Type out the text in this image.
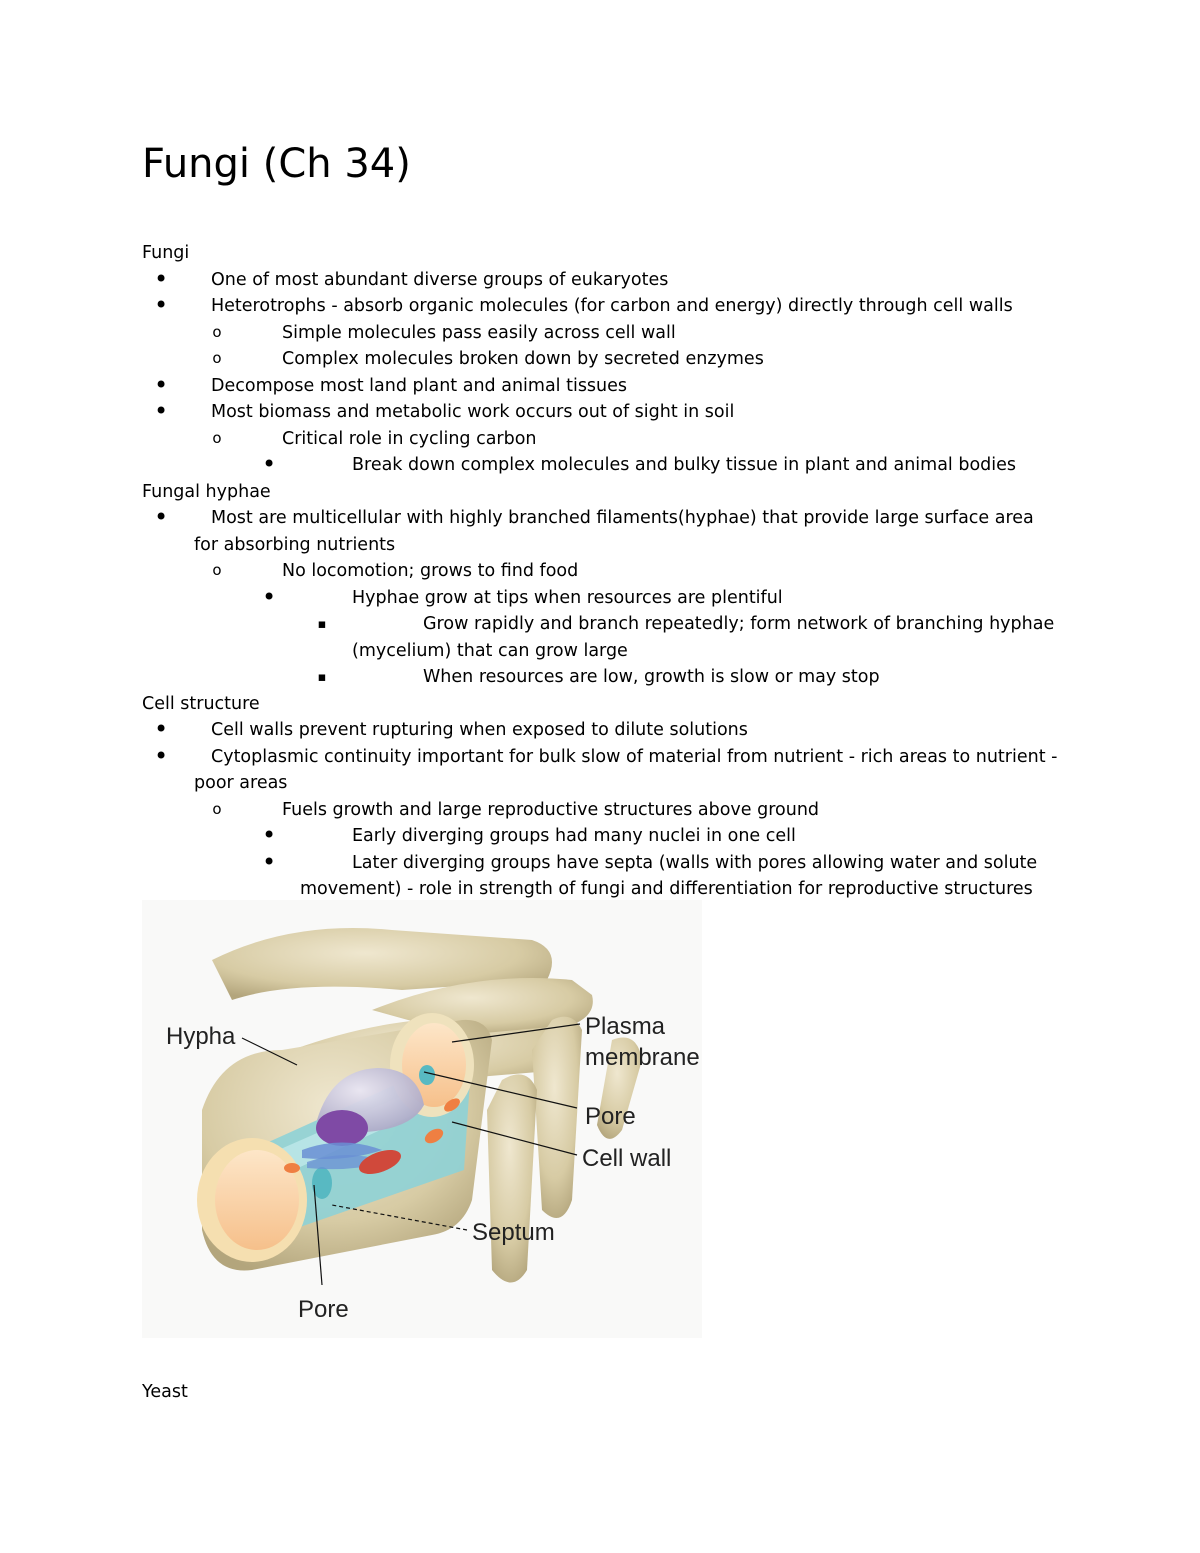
Fungi (Ch 34)
Fungi
•
One of most abundant diverse groups of eukaryotes
•
Heterotrophs - absorb organic molecules (for carbon and energy) directly through cell walls
o
Simple molecules pass easily across cell wall
o
Complex molecules broken down by secreted enzymes
•
Decompose most land plant and animal tissues
•
Most biomass and metabolic work occurs out of sight in soil
o
Critical role in cycling carbon
•
Break down complex molecules and bulky tissue in plant and animal bodies
Fungal hyphae
•
Most are multicellular with highly branched filaments(hyphae) that provide large surface area
for absorbing nutrients
o
No locomotion; grows to find food
•
Hyphae grow at tips when resources are plentiful
▪
Grow rapidly and branch repeatedly; form network of branching hyphae
(mycelium) that can grow large
▪
When resources are low, growth is slow or may stop
Cell structure
•
Cell walls prevent rupturing when exposed to dilute solutions
•
Cytoplasmic continuity important for bulk slow of material from nutrient - rich areas to nutrient -
poor areas
o
Fuels growth and large reproductive structures above ground
•
Early diverging groups had many nuclei in one cell
•
Later diverging groups have septa (walls with pores allowing water and solute
movement) - role in strength of fungi and differentiation for reproductive structures
Hypha	Plasma
membrane
Pore
Cell wall
Septum
Pore
Yeast
